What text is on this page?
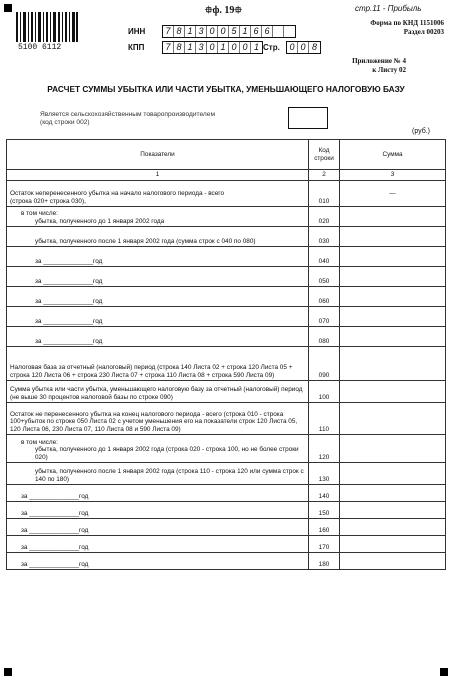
⯐ф. 19⯐	стр.11 - Прибыль
5100 6112
ИНН 7 8 1 3 0 0 5 1 6 6
КПП 7 8 1 3 0 1 0 0 1 Стр. 0 0 8
Форма по КНД 1151006
Раздел 00203
Приложение № 4
к Листу 02
РАСЧЕТ СУММЫ УБЫТКА ИЛИ ЧАСТИ УБЫТКА, УМЕНЬШАЮЩЕГО НАЛОГОВУЮ БАЗУ
Является сельскохозяйственным товаропроизводителем
(код строки 002)
(руб.)
Показатели	Код строки	Сумма
1	2	3

Остаток неперенесенного убытка на начало налогового периода - всего
(строка 020+ строка 030),	010	—

в том числе:
убытка, полученного до 1 января 2002 года	020	

убытка, полученного после 1 января 2002 года (сумма строк с 040 по 080)	030	

за ______________год	040	

за ______________год	050	

за ______________год	060	

за ______________год	070	

за ______________год	080	

Налоговая база за отчетный (налоговый) период (строка 140 Листа 02 + строка 120 Листа 05 + строка 120 Листа 06 + строка 230 Листа 07 + строка 110 Листа 08 + строка 590 Листа 09)	090	

Сумма убытка или части убытка, уменьшающего налоговую базу за отчетный (налоговый) период (не выше 30 процентов налоговой базы по строке 090)	100	

Остаток не перенесенного убытка на конец налогового периода - всего (строка 010 - строка 100+убыток по строке 050 Листа 02 с учетом уменьшения его на показатели строк 120 Листа 05, 120 Листа 06, 230 Листа 07, 110 Листа 08 и 590 Листа 09)	110	

в том числе:
убытка, полученного до 1 января 2002 года (строка 020 - строка 100, но не более строки 020)	120	

убытка, полученного после 1 января 2002 года (строка 110 - строка 120 или сумма строк с 140 по 180)	130	

за ______________год	140	

за ______________год	150	

за ______________год	160	

за ______________год	170	

за ______________год	180	
